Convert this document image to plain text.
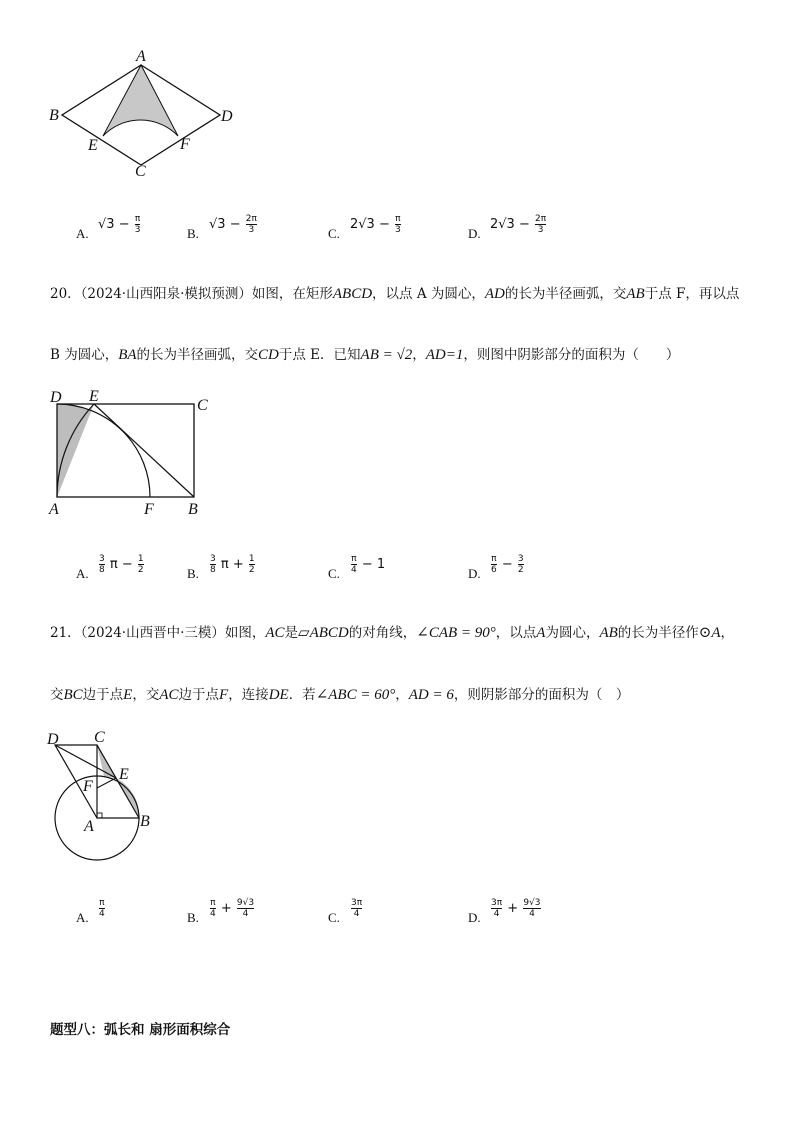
A
B	D
E	F
C
A.
$√3 - \frac{\pi}{3}$	B.
$√3 - \frac{2\pi}{3}$	C.
$2√3 - \frac{\pi}{3}$	D.
$2√3 - \frac{2\pi}{3}$
20．（2024·山西阳泉·模拟预测）如图，在矩形ABCD，以点 A 为圆心，AD的长为半径画弧，交AB于点 F，再以点
B 为圆心，BA的长为半径画弧，交CD于点 E．已知AB = √2，AD=1，则图中阴影部分的面积为（　　）
D E
C
A	F B
A. $\frac{3}{8}$ $\pi - \frac{1}{2}$	B. $\frac{3}{8}$ $\pi + \frac{1}{2}$	C. $\frac{\pi}{4} - 1$
D. $\frac{\pi}{6} - \frac{3}{2}$
21．（2024·山西晋中·三模）如图，AC是▱ABCD的对角线，∠CAB = 90°，以点A为圆心，AB的长为半径作⊙A，
交BC边于点E，交AC边于点F，连接DE．若∠ABC = 60°，AD = 6，则阴影部分的面积为（　）
D C
E
F
A	B
A. $\frac{\pi}{4}$	B. $\frac{\pi}{4} + \frac{9√3}{4}$	C. $\frac{3\pi}{4}$	D. $\frac{3\pi}{4} + \frac{9√3}{4}$
题型八：弧长和 扇形面积综合
